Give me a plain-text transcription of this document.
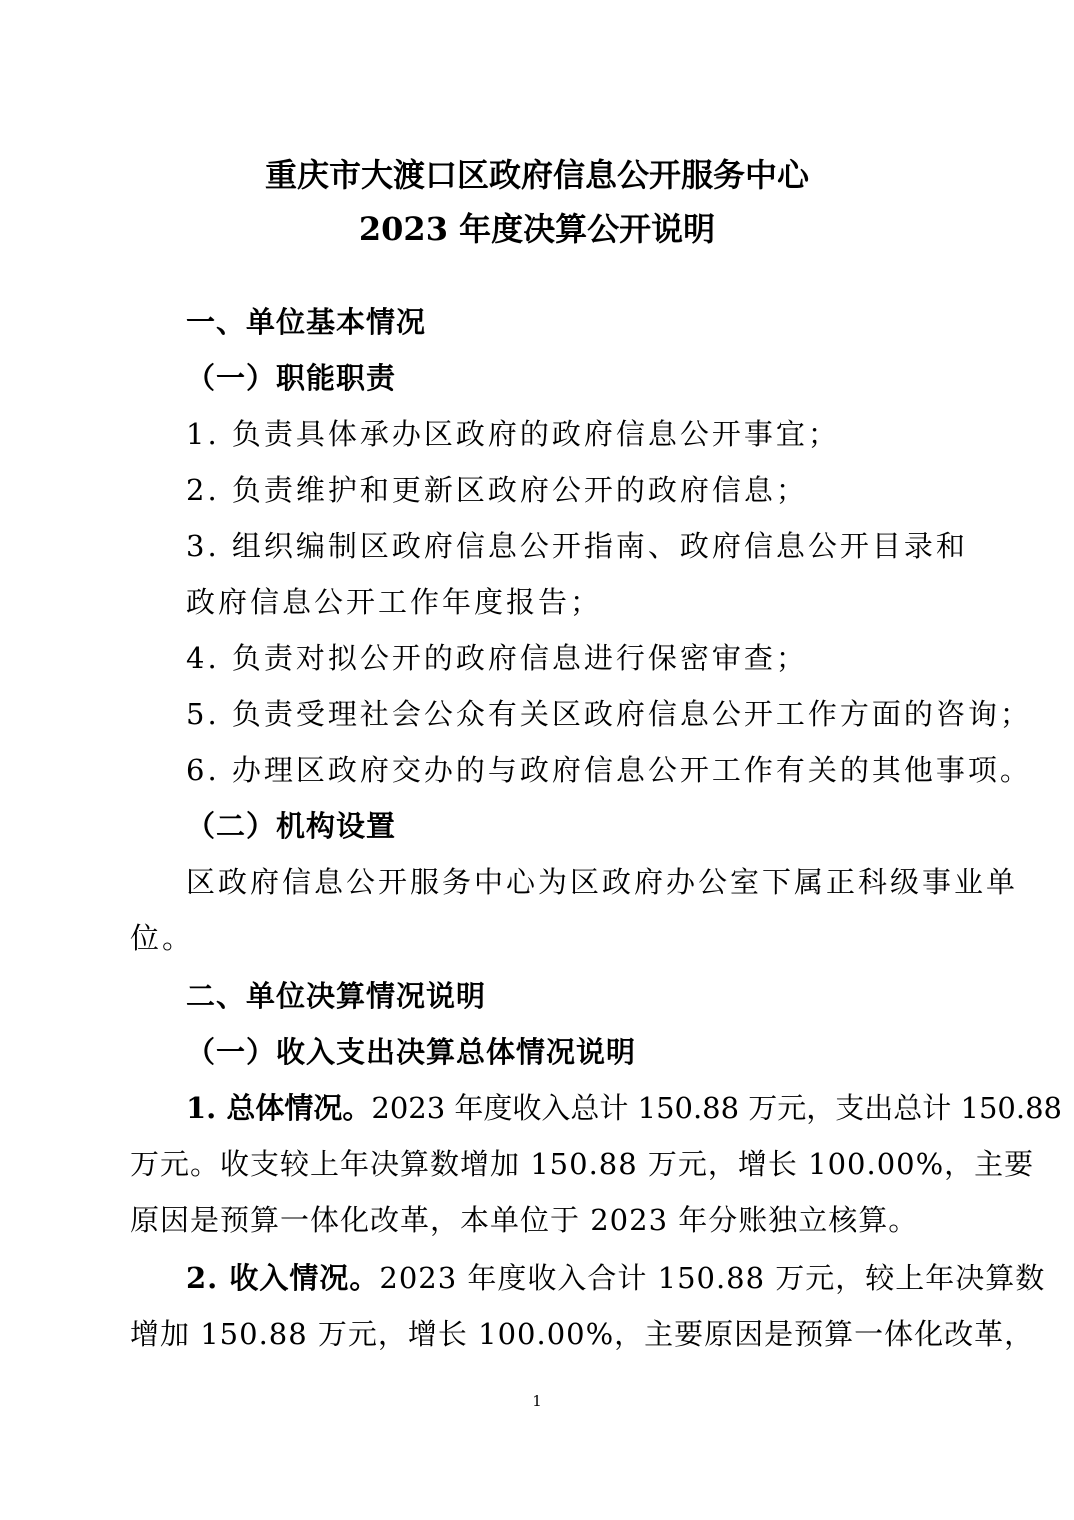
重庆市大渡口区政府信息公开服务中心
2023 年度决算公开说明
一、单位基本情况
（一）职能职责
1. 负责具体承办区政府的政府信息公开事宜；
2. 负责维护和更新区政府公开的政府信息；
3. 组织编制区政府信息公开指南、政府信息公开目录和
政府信息公开工作年度报告；
4. 负责对拟公开的政府信息进行保密审查；
5. 负责受理社会公众有关区政府信息公开工作方面的咨询；
6. 办理区政府交办的与政府信息公开工作有关的其他事项。
（二）机构设置
区政府信息公开服务中心为区政府办公室下属正科级事业单
位。
二、单位决算情况说明
（一）收入支出决算总体情况说明
1. 总体情况。2023 年度收入总计 150.88 万元，支出总计 150.88
万元。收支较上年决算数增加 150.88 万元，增长 100.00%，主要
原因是预算一体化改革，本单位于 2023 年分账独立核算。
2. 收入情况。2023 年度收入合计 150.88 万元，较上年决算数
增加 150.88 万元，增长 100.00%，主要原因是预算一体化改革，
1
